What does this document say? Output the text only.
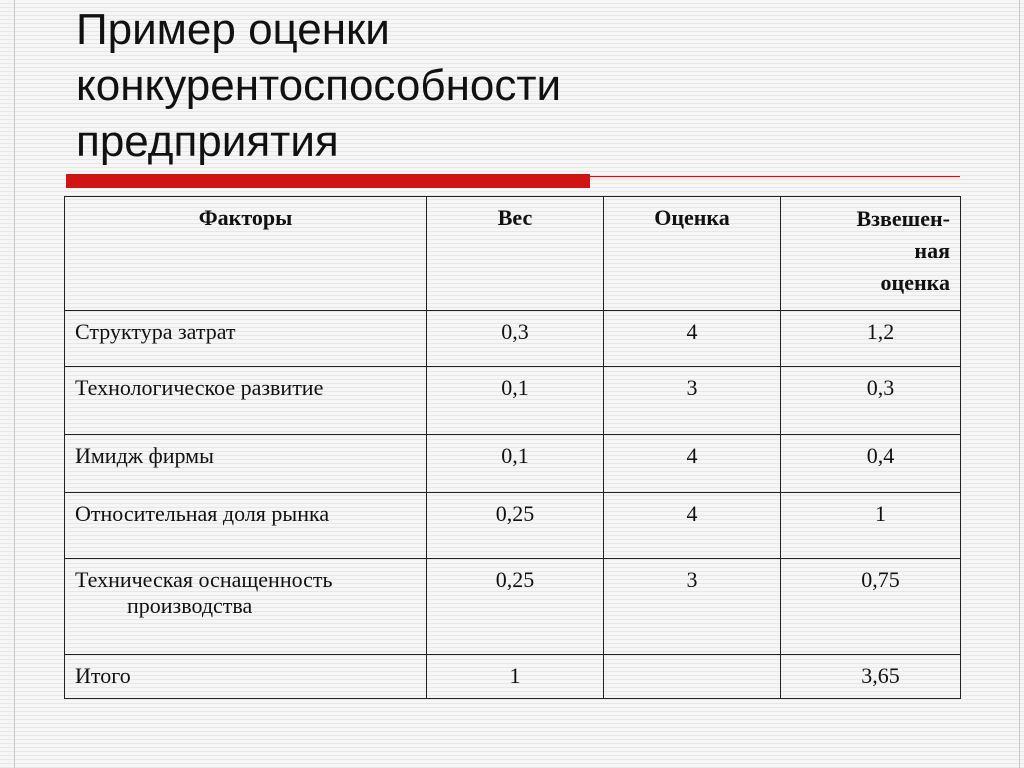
Пример оценки
конкурентоспособности
предприятия
Факторы	Вес	Оценка	Взвешен-
ная
оценка

Структура затрат	0,3	4	1,2
Технологическое развитие	0,1	3	0,3
Имидж фирмы	0,1	4	0,4
Относительная доля рынка	0,25	4	1
Техническая оснащенность
производства	0,25	3	0,75
Итого	1		3,65
